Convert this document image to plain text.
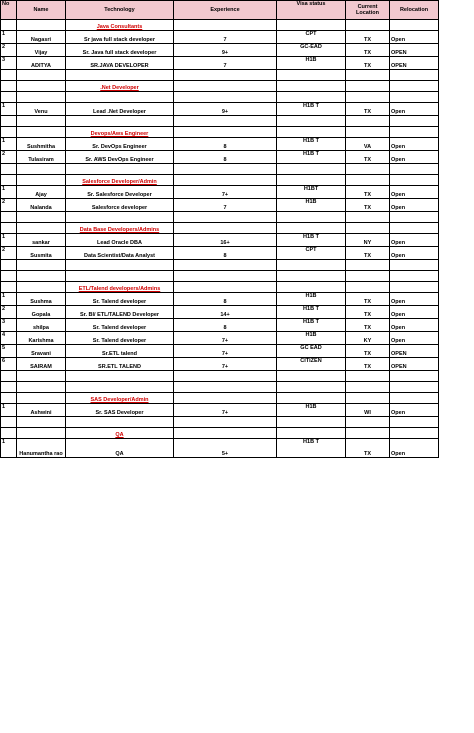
No	Name	Technology	Experience	Visa status	Current Location	Relocation
		Java Consultants				
1	Nagasri	Sr java full stack developer	7	CPT	TX	Open
2	Vijay	Sr. Java full stack developer	9+	GC-EAD	TX	OPEN
3	ADITYA	SR.JAVA DEVELOPER	7	H1B	TX	OPEN

		.Net Developer				

1	Venu	Lead .Net Developer	9+	H1B T	TX	Open

		Devops/Aws Engineer				
1	Sushmitha	Sr. DevOps Engineer	8	H1B T	VA	Open
2	Tulasiram	Sr. AWS DevOps Engineer	8	H1B T	TX	Open

		Salesforce Developer/Admin				
1	Ajay	Sr. Salesforce Developer	7+	H1BT	TX	Open
2	Nalanda	Salesforce developer	7	H1B	TX	Open

		Data Base Developers/Admins				
1	sankar	Lead Oracle DBA	16+	H1B T	NY	Open
2	Susmita	Data Scientist/Data Analyst	8	CPT	TX	Open

		ETL/Talend developers/Admins				
1	Sushma	Sr. Talend developer	8	H1B	TX	Open
2	Gopala	Sr. BI/ ETL/TALEND Developer	14+	H1B T	TX	Open
3	shilpa	Sr. Talend developer	8	H1B T	TX	Open
4	Karishma	Sr. Talend developer	7+	H1B	KY	Open
5	Sravani	Sr.ETL talend	7+	GC EAD	TX	OPEN
6	SAIRAM	SR.ETL TALEND	7+	CITIZEN	TX	OPEN

		SAS Developer/Admin				
1	Ashwini	Sr. SAS Developer	7+	H1B	WI	Open

		QA				
1	Hanumantha rao	QA	5+	H1B T	TX	Open
